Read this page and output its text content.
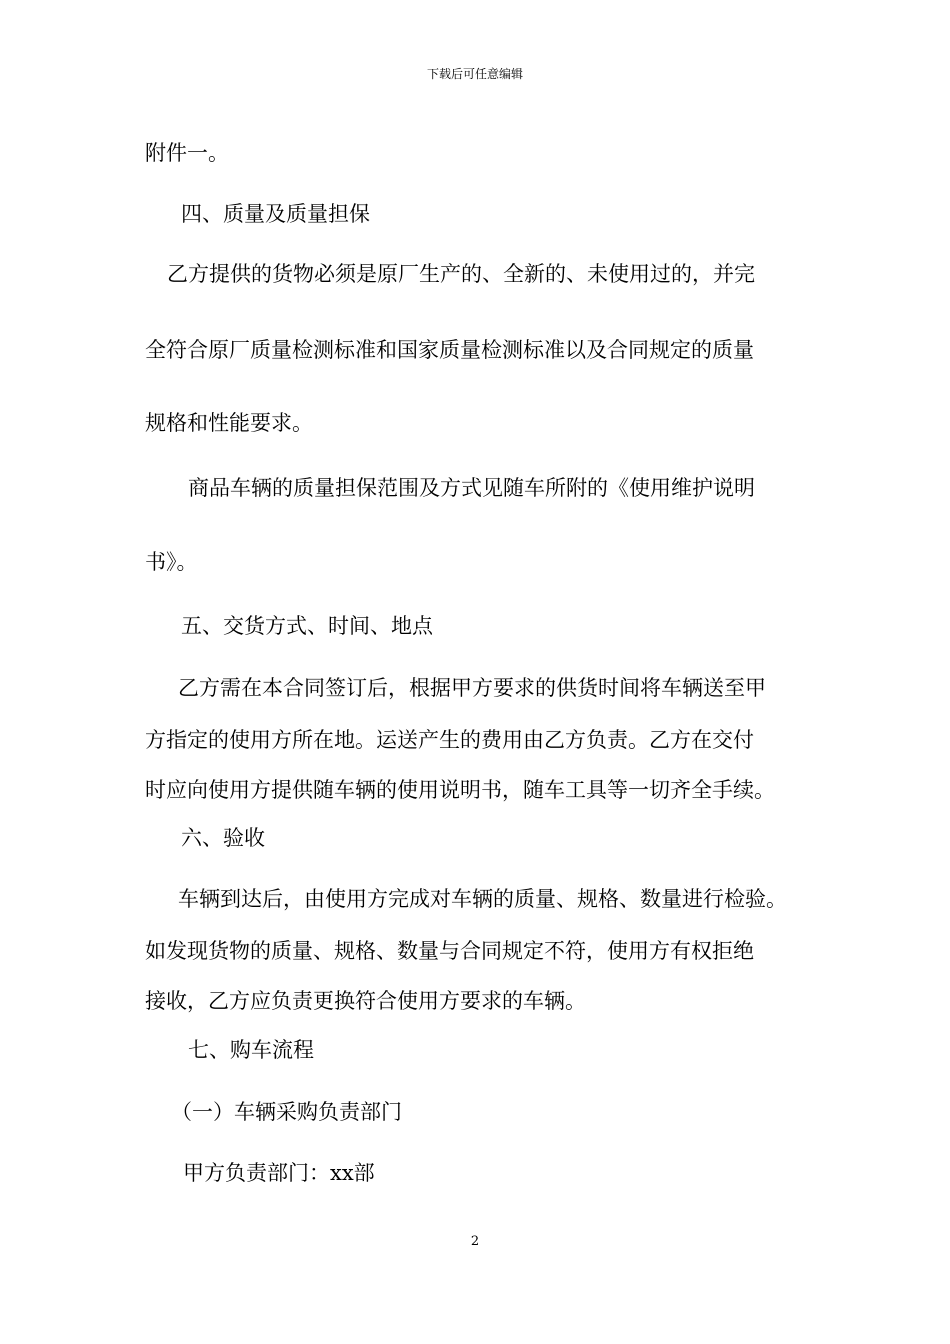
下载后可任意编辑
附件一。
四、质量及质量担保
乙方提供的货物必须是原厂生产的、全新的、未使用过的，并完
全符合原厂质量检测标准和国家质量检测标准以及合同规定的质量
规格和性能要求。
商品车辆的质量担保范围及方式见随车所附的《使用维护说明
书》。
五、交货方式、时间、地点
乙方需在本合同签订后，根据甲方要求的供货时间将车辆送至甲
方指定的使用方所在地。运送产生的费用由乙方负责。乙方在交付
时应向使用方提供随车辆的使用说明书，随车工具等一切齐全手续。
六、验收
车辆到达后，由使用方完成对车辆的质量、规格、数量进行检验。
如发现货物的质量、规格、数量与合同规定不符，使用方有权拒绝
接收，乙方应负责更换符合使用方要求的车辆。
七、购车流程
（一）车辆采购负责部门
甲方负责部门：xx部
2
